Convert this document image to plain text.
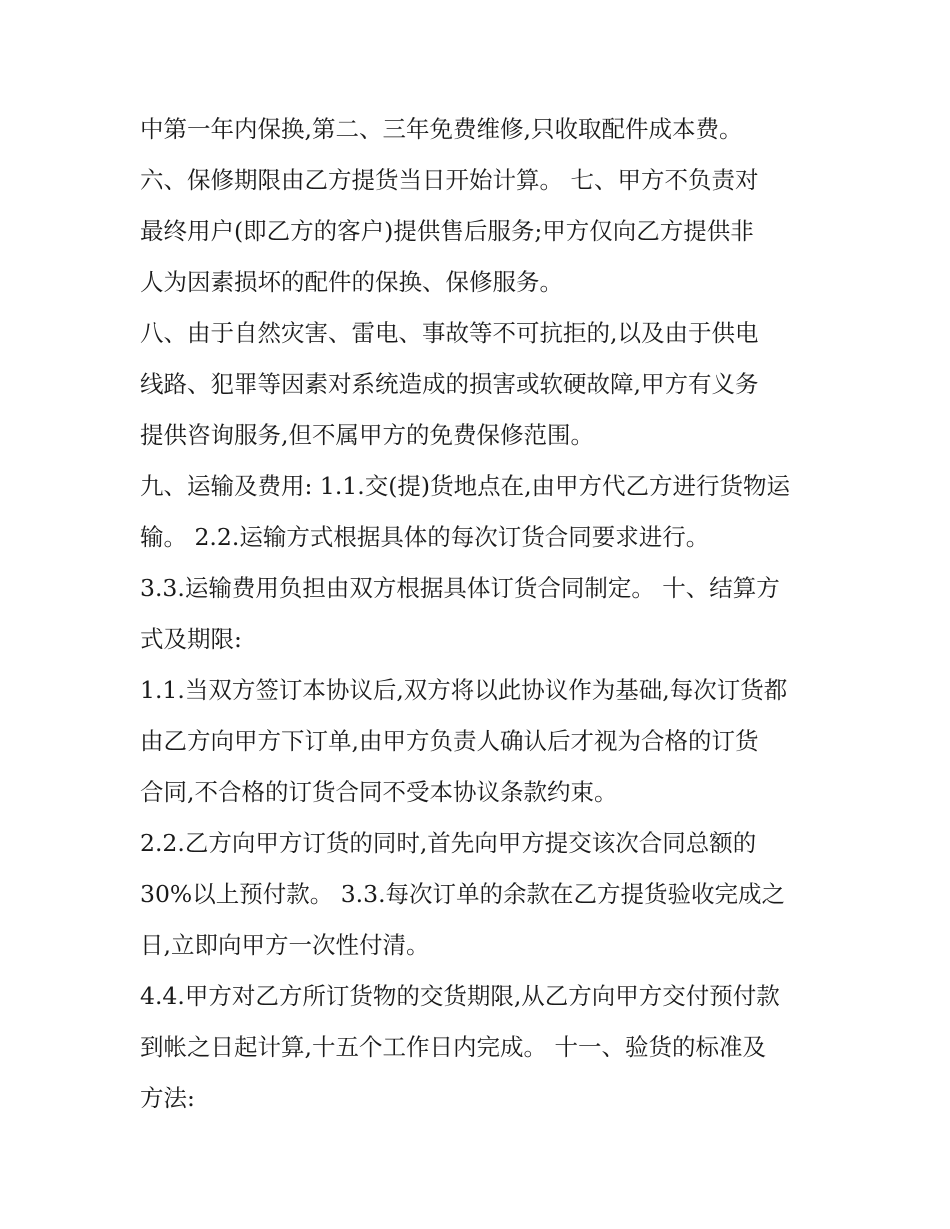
中第一年内保换,第二、三年免费维修,只收取配件成本费。
六、保修期限由乙方提货当日开始计算。 七、甲方不负责对
最终用户(即乙方的客户)提供售后服务;甲方仅向乙方提供非
人为因素损坏的配件的保换、保修服务。
八、由于自然灾害、雷电、事故等不可抗拒的,以及由于供电
线路、犯罪等因素对系统造成的损害或软硬故障,甲方有义务
提供咨询服务,但不属甲方的免费保修范围。
九、运输及费用: 1.1.交(提)货地点在,由甲方代乙方进行货物运
输。 2.2.运输方式根据具体的每次订货合同要求进行。
3.3.运输费用负担由双方根据具体订货合同制定。 十、结算方
式及期限:
1.1.当双方签订本协议后,双方将以此协议作为基础,每次订货都
由乙方向甲方下订单,由甲方负责人确认后才视为合格的订货
合同,不合格的订货合同不受本协议条款约束。
2.2.乙方向甲方订货的同时,首先向甲方提交该次合同总额的
30%以上预付款。 3.3.每次订单的余款在乙方提货验收完成之
日,立即向甲方一次性付清。
4.4.甲方对乙方所订货物的交货期限,从乙方向甲方交付预付款
到帐之日起计算,十五个工作日内完成。 十一、验货的标准及
方法:
